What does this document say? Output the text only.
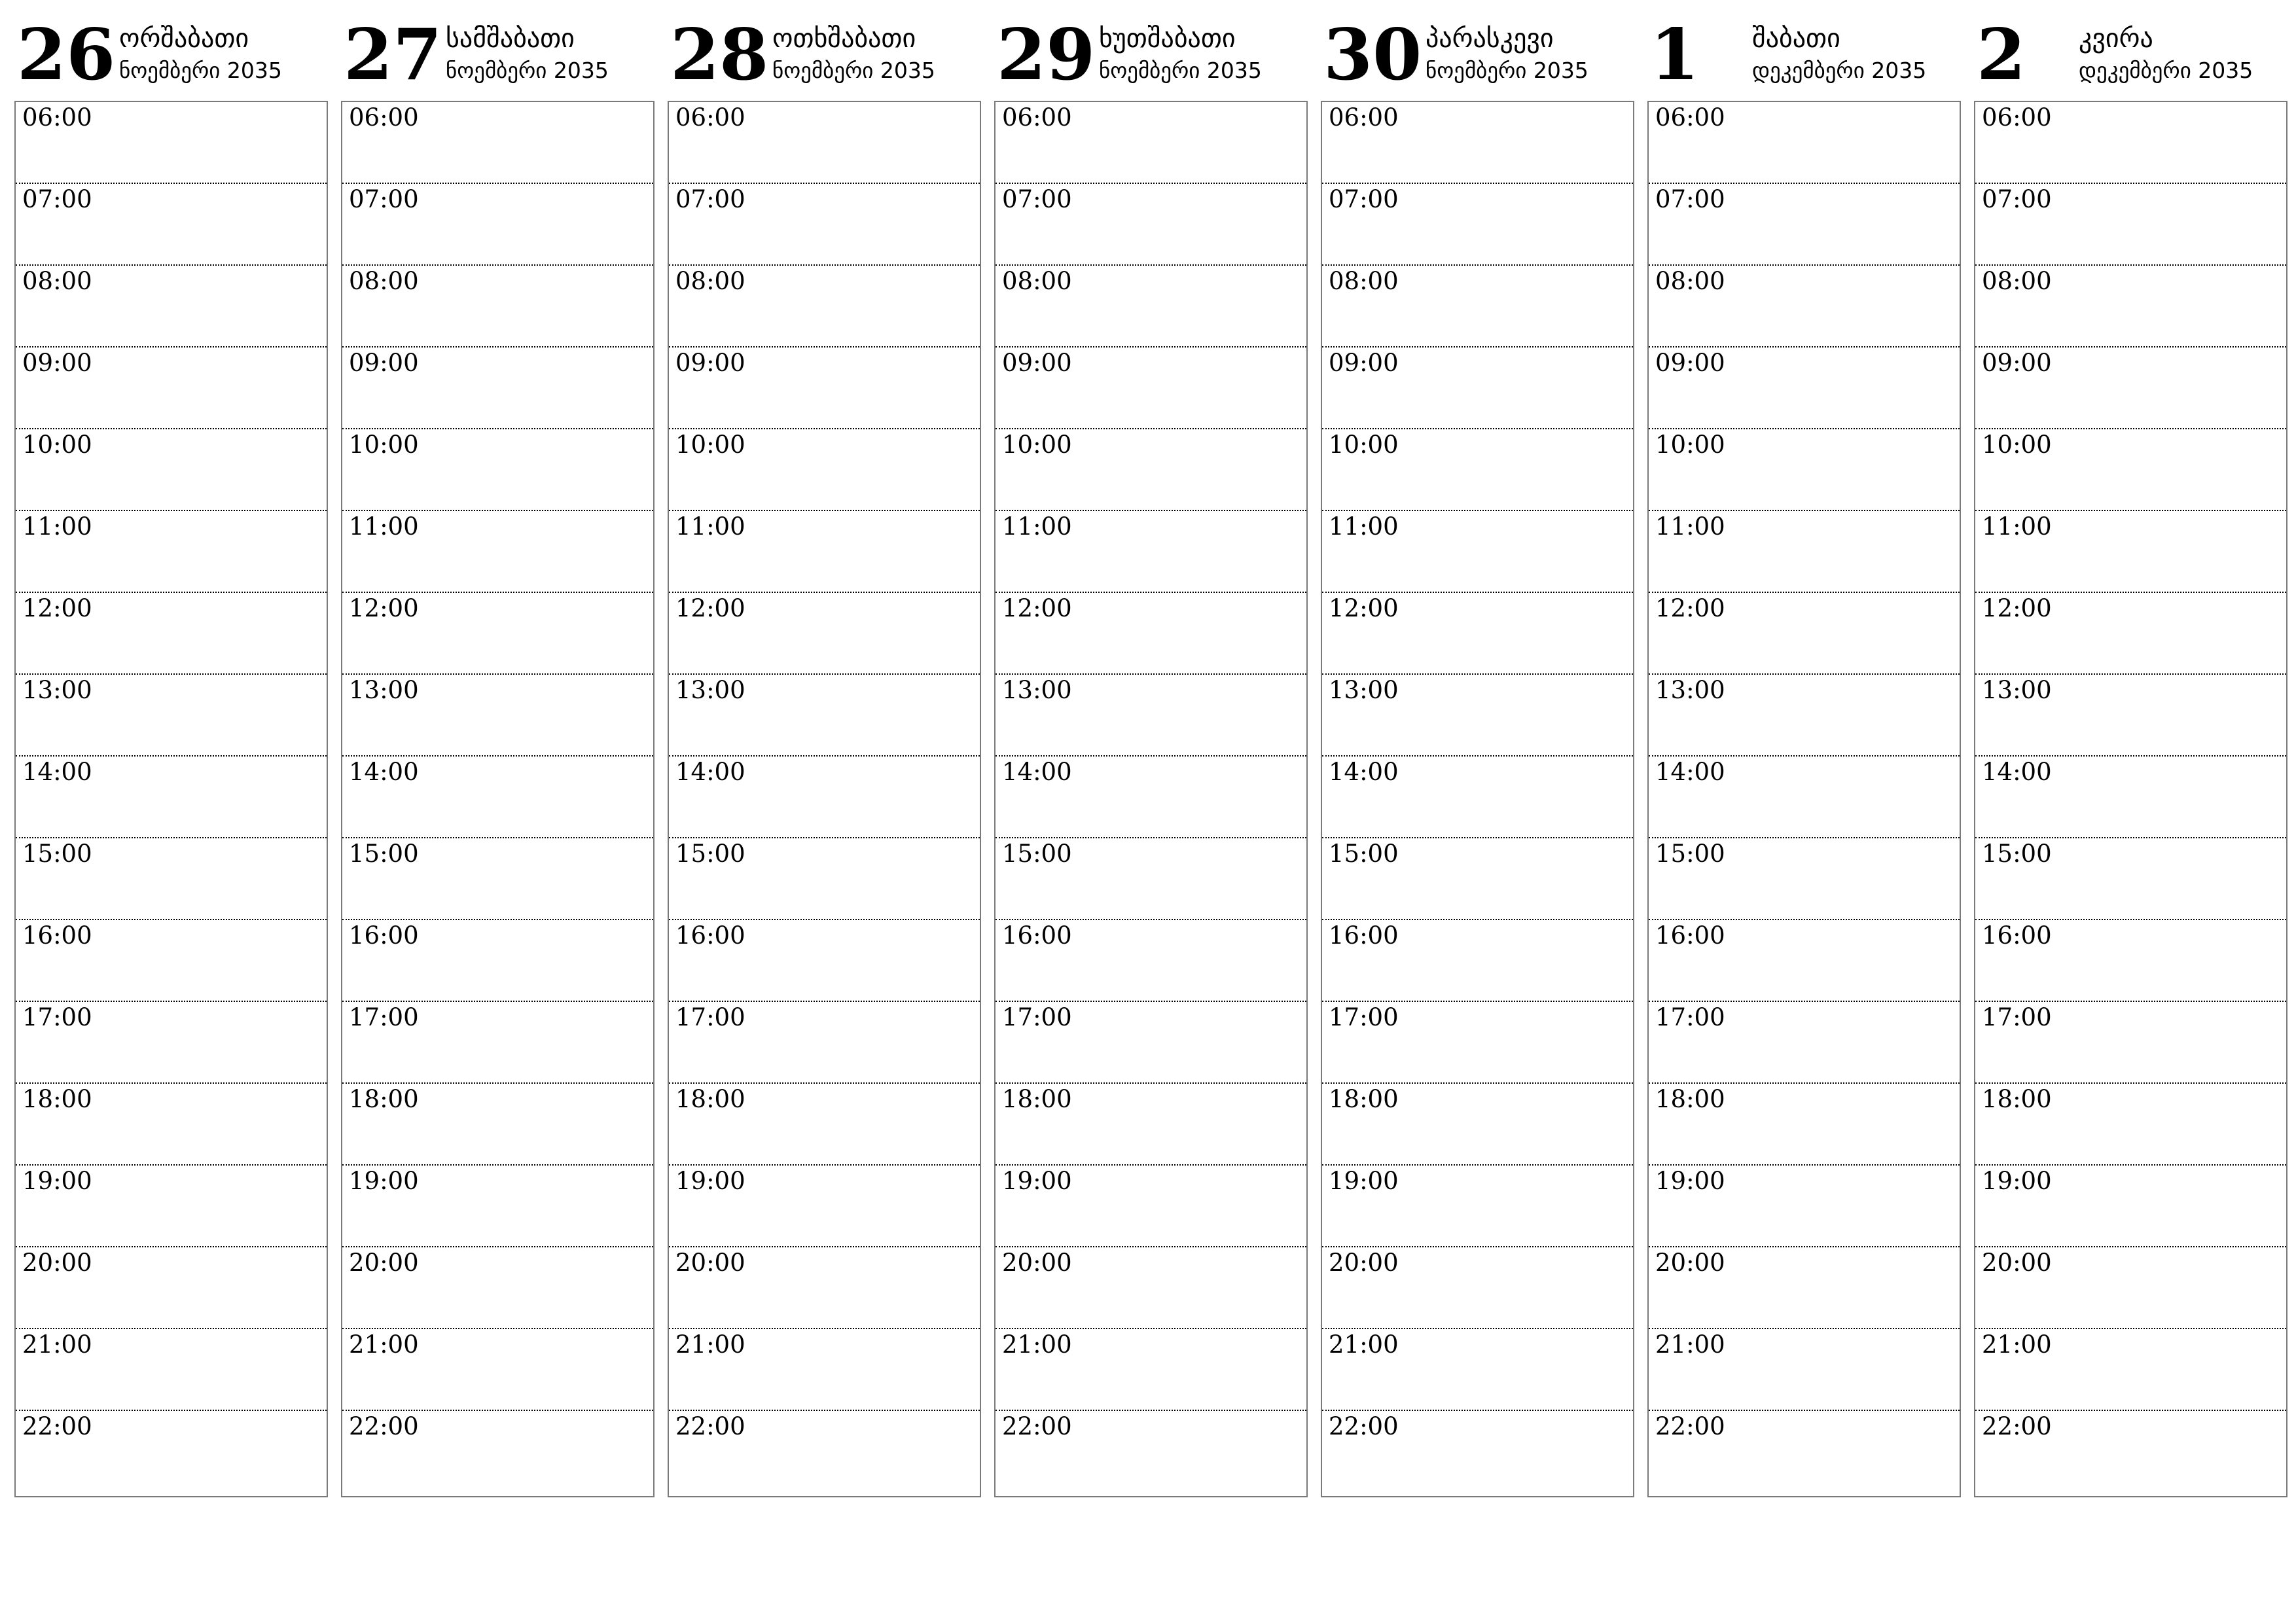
26 ორშაბათი
ნოემბერი 2035
06:00
07:00
08:00
09:00
10:00
11:00
12:00
13:00
14:00
15:00
16:00
17:00
18:00
19:00
20:00
21:00
22:00
27 სამშაბათი
ნოემბერი 2035
06:00
07:00
08:00
09:00
10:00
11:00
12:00
13:00
14:00
15:00
16:00
17:00
18:00
19:00
20:00
21:00
22:00
28 ოთხშაბათი
ნოემბერი 2035
06:00
07:00
08:00
09:00
10:00
11:00
12:00
13:00
14:00
15:00
16:00
17:00
18:00
19:00
20:00
21:00
22:00
29 ხუთშაბათი
ნოემბერი 2035
06:00
07:00
08:00
09:00
10:00
11:00
12:00
13:00
14:00
15:00
16:00
17:00
18:00
19:00
20:00
21:00
22:00
30 პარასკევი
ნოემბერი 2035
06:00
07:00
08:00
09:00
10:00
11:00
12:00
13:00
14:00
15:00
16:00
17:00
18:00
19:00
20:00
21:00
22:00
1 შაბათი
დეკემბერი 2035
06:00
07:00
08:00
09:00
10:00
11:00
12:00
13:00
14:00
15:00
16:00
17:00
18:00
19:00
20:00
21:00
22:00
2 კვირა
დეკემბერი 2035
06:00
07:00
08:00
09:00
10:00
11:00
12:00
13:00
14:00
15:00
16:00
17:00
18:00
19:00
20:00
21:00
22:00
